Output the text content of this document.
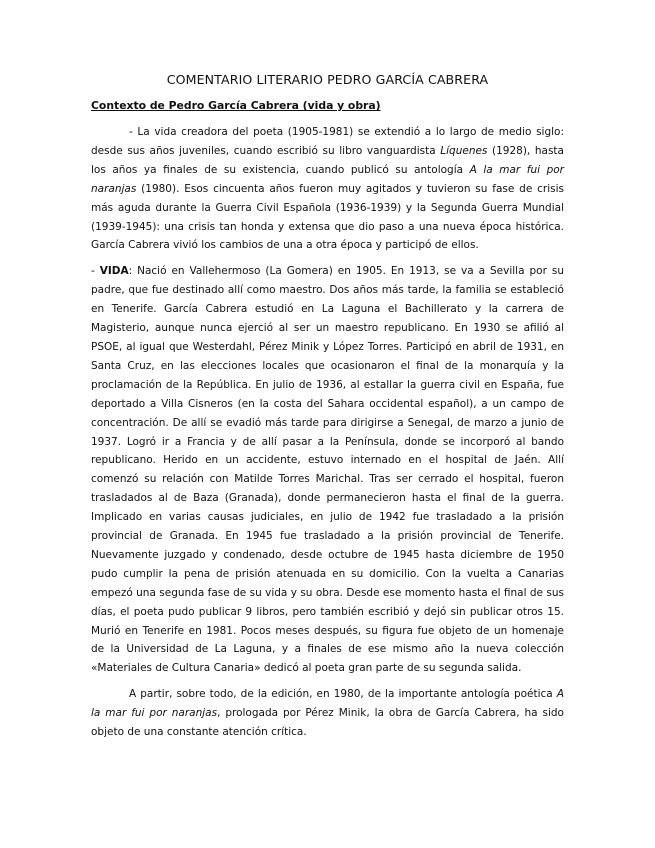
COMENTARIO LITERARIO PEDRO GARCÍA CABRERA
Contexto de Pedro García Cabrera (vida y obra)

- La vida creadora del poeta (1905-1981) se extendió a lo largo de medio siglo: desde sus años juveniles, cuando escribió su libro vanguardista Líquenes (1928), hasta los años ya finales de su existencia, cuando publicó su antología A la mar fui por naranjas (1980). Esos cincuenta años fueron muy agitados y tuvieron su fase de crisis más aguda durante la Guerra Civil Española (1936-1939) y la Segunda Guerra Mundial (1939-1945): una crisis tan honda y extensa que dio paso a una nueva época histórica. García Cabrera vivió los cambios de una a otra época y participó de ellos.

- VIDA: Nació en Vallehermoso (La Gomera) en 1905. En 1913, se va a Sevilla por su padre, que fue destinado allí como maestro. Dos años más tarde, la familia se estableció en Tenerife. García Cabrera estudió en La Laguna el Bachillerato y la carrera de Magisterio, aunque nunca ejerció al ser un maestro republicano. En 1930 se afilió al PSOE, al igual que Westerdahl, Pérez Minik y López Torres. Participó en abril de 1931, en Santa Cruz, en las elecciones locales que ocasionaron el final de la monarquía y la proclamación de la República. En julio de 1936, al estallar la guerra civil en España, fue deportado a Villa Cisneros (en la costa del Sahara occidental español), a un campo de concentración. De allí se evadió más tarde para dirigirse a Senegal, de marzo a junio de 1937. Logró ir a Francia y de allí pasar a la Península, donde se incorporó al bando republicano. Herido en un accidente, estuvo internado en el hospital de Jaén. Allí comenzó su relación con Matilde Torres Marichal. Tras ser cerrado el hospital, fueron trasladados al de Baza (Granada), donde permanecieron hasta el final de la guerra. Implicado en varias causas judiciales, en julio de 1942 fue trasladado a la prisión provincial de Granada. En 1945 fue trasladado a la prisión provincial de Tenerife. Nuevamente juzgado y condenado, desde octubre de 1945 hasta diciembre de 1950 pudo cumplir la pena de prisión atenuada en su domicilio. Con la vuelta a Canarias empezó una segunda fase de su vida y su obra. Desde ese momento hasta el final de sus días, el poeta pudo publicar 9 libros, pero también escribió y dejó sin publicar otros 15. Murió en Tenerife en 1981. Pocos meses después, su figura fue objeto de un homenaje de la Universidad de La Laguna, y a finales de ese mismo año la nueva colección «Materiales de Cultura Canaria» dedicó al poeta gran parte de su segunda salida.

A partir, sobre todo, de la edición, en 1980, de la importante antología poética A la mar fui por naranjas, prologada por Pérez Minik, la obra de García Cabrera, ha sido objeto de una constante atención crítica.
